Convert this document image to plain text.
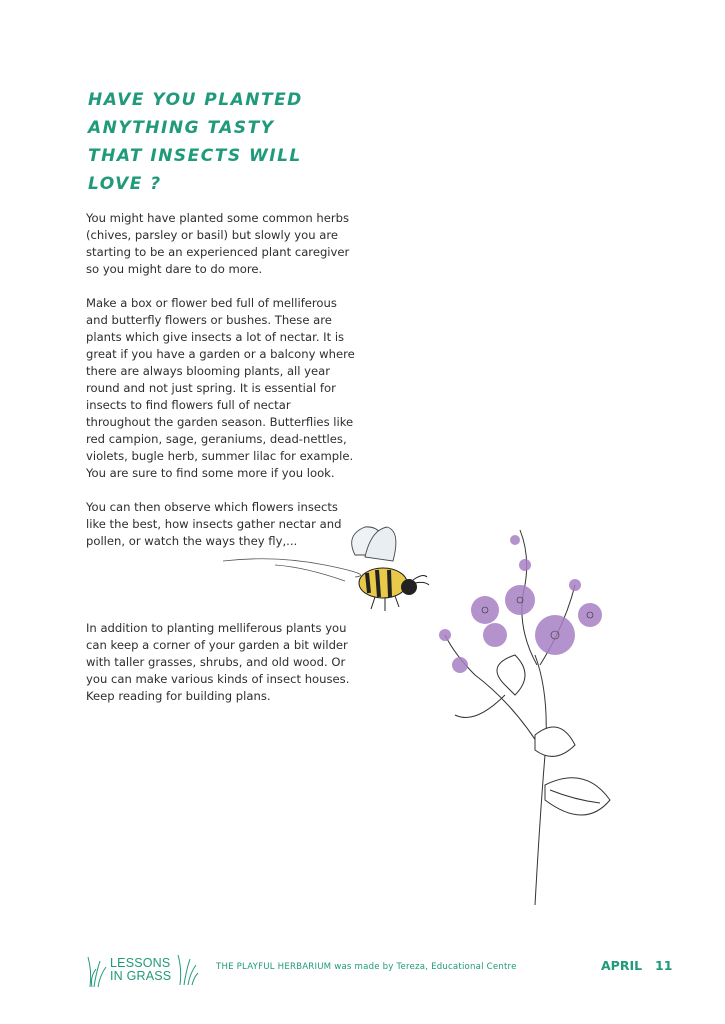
HAVE YOU PLANTED
ANYTHING TASTY
THAT INSECTS WILL
LOVE ?

You might have planted some common herbs (chives, parsley or basil) but slowly you are starting to be an experienced plant caregiver so you might dare to do more.

Make a box or flower bed full of melliferous and butterfly flowers or bushes. These are plants which give insects a lot of nectar. It is great if you have a garden or a balcony where there are always blooming plants, all year round and not just spring. It is essential for insects to find flowers full of nectar throughout the garden season. Butterflies like red campion, sage, geraniums, dead-nettles, violets, bugle herb, summer lilac for example. You are sure to find some more if you look.

You can then observe which flowers insects like the best, how insects gather nectar and pollen, or watch the ways they fly,...

In addition to planting melliferous plants you can keep a corner of your garden a bit wilder with taller grasses, shrubs, and old wood. Or you can make various kinds of insect houses. Keep reading for building plans.

LESSONS
IN GRASS
THE PLAYFUL HERBARIUM was made by Tereza, Educational Centre	APRIL 11
